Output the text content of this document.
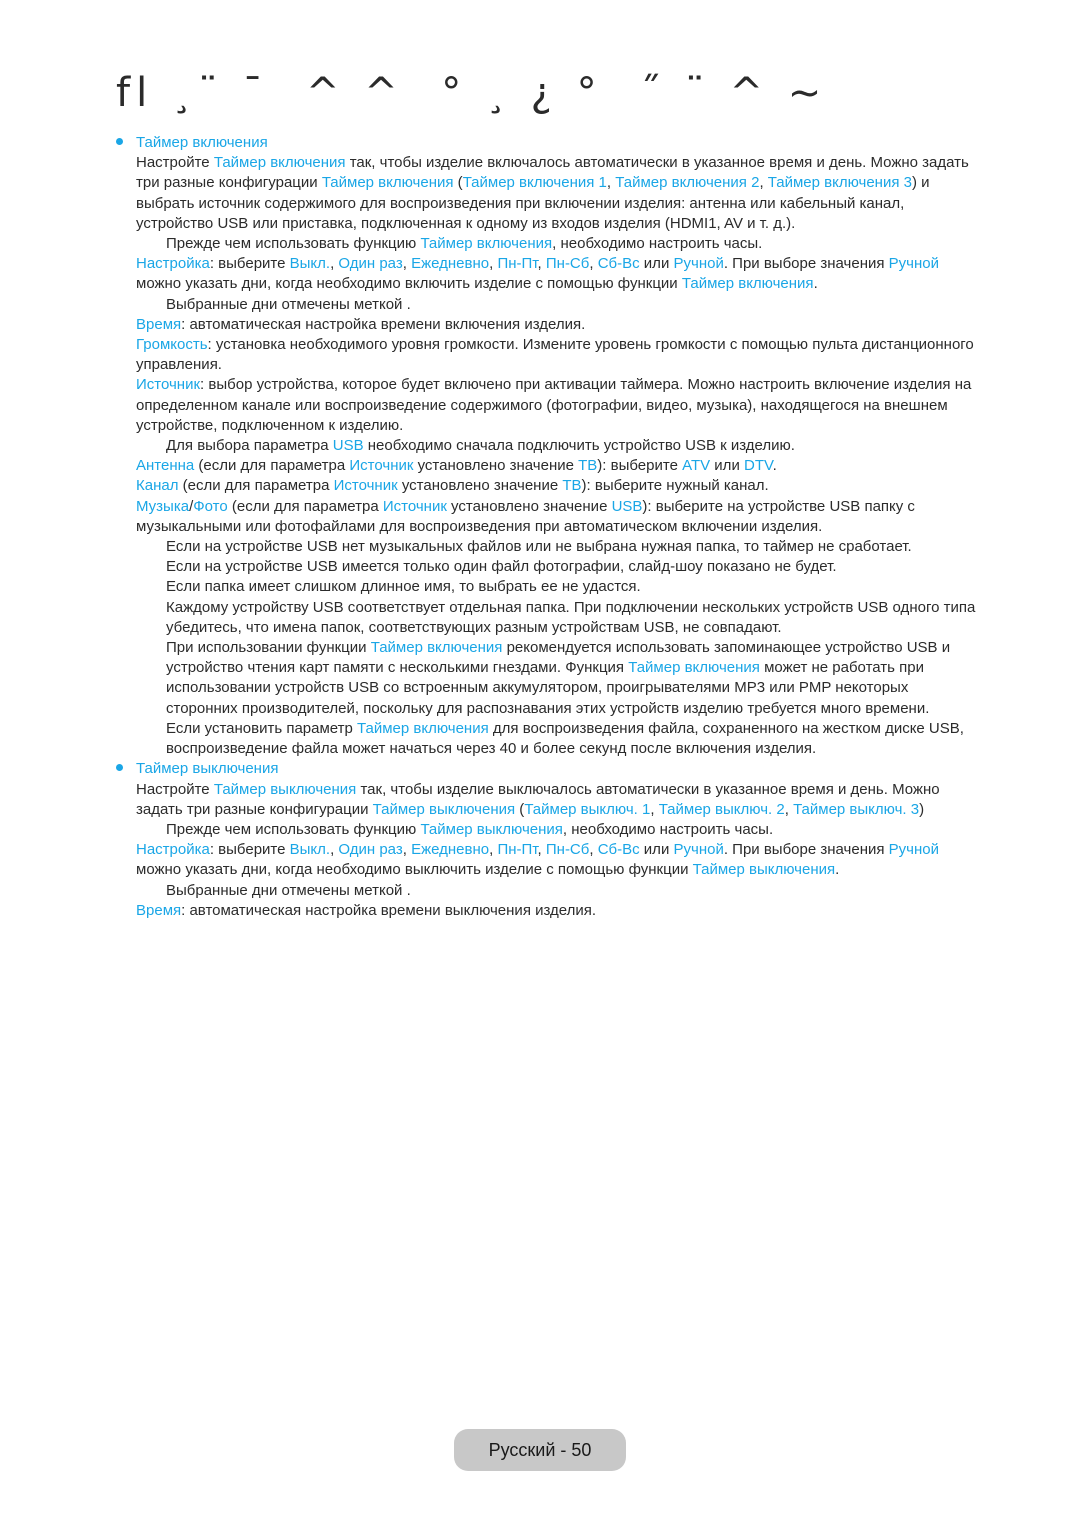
fl ¸¨ ¯  ^ ^  ° ¸ ¿ °  ˝ ¨ ^ ~

Таймер включения

Настройте Таймер включения так, чтобы изделие включалось автоматически в указанное время и день. Можно задать три разные конфигурации Таймер включения (Таймер включения 1, Таймер включения 2, Таймер включения 3) и выбрать источник содержимого для воспроизведения при включении изделия: антенна или кабельный канал, устройство USB или приставка, подключенная к одному из входов изделия (HDMI1, AV и т. д.).

Прежде чем использовать функцию Таймер включения, необходимо настроить часы.

Настройка: выберите Выкл., Один раз, Ежедневно, Пн-Пт, Пн-Сб, Сб-Вс или Ручной. При выборе значения Ручной можно указать дни, когда необходимо включить изделие с помощью функции Таймер включения.

Выбранные дни отмечены меткой .

Время: автоматическая настройка времени включения изделия.

Громкость: установка необходимого уровня громкости. Измените уровень громкости с помощью пульта дистанционного управления.

Источник: выбор устройства, которое будет включено при активации таймера. Можно настроить включение изделия на определенном канале или воспроизведение содержимого (фотографии, видео, музыка), находящегося на внешнем устройстве, подключенном к изделию.

Для выбора параметра USB необходимо сначала подключить устройство USB к изделию.

Антенна (если для параметра Источник установлено значение ТВ): выберите ATV или DTV.

Канал (если для параметра Источник установлено значение ТВ): выберите нужный канал.

Музыка/Фото (если для параметра Источник установлено значение USB): выберите на устройстве USB папку с музыкальными или фотофайлами для воспроизведения при автоматическом включении изделия.

Если на устройстве USB нет музыкальных файлов или не выбрана нужная папка, то таймер не сработает.

Если на устройстве USB имеется только один файл фотографии, слайд-шоу показано не будет.

Если папка имеет слишком длинное имя, то выбрать ее не удастся.

Каждому устройству USB соответствует отдельная папка. При подключении нескольких устройств USB одного типа убедитесь, что имена папок, соответствующих разным устройствам USB, не совпадают.

При использовании функции Таймер включения рекомендуется использовать запоминающее устройство USB и устройство чтения карт памяти с несколькими гнездами. Функция Таймер включения может не работать при использовании устройств USB со встроенным аккумулятором, проигрывателями MP3 или PMP некоторых сторонних производителей, поскольку для распознавания этих устройств изделию требуется много времени.

Если установить параметр Таймер включения для воспроизведения файла, сохраненного на жестком диске USB, воспроизведение файла может начаться через 40 и более секунд после включения изделия.

Таймер выключения

Настройте Таймер выключения так, чтобы изделие выключалось автоматически в указанное время и день. Можно задать три разные конфигурации Таймер выключения (Таймер выключ. 1, Таймер выключ. 2, Таймер выключ. 3)

Прежде чем использовать функцию Таймер выключения, необходимо настроить часы.

Настройка: выберите Выкл., Один раз, Ежедневно, Пн-Пт, Пн-Сб, Сб-Вс или Ручной. При выборе значения Ручной можно указать дни, когда необходимо выключить изделие с помощью функции Таймер выключения.

Выбранные дни отмечены меткой .

Время: автоматическая настройка времени выключения изделия.

Русский - 50
